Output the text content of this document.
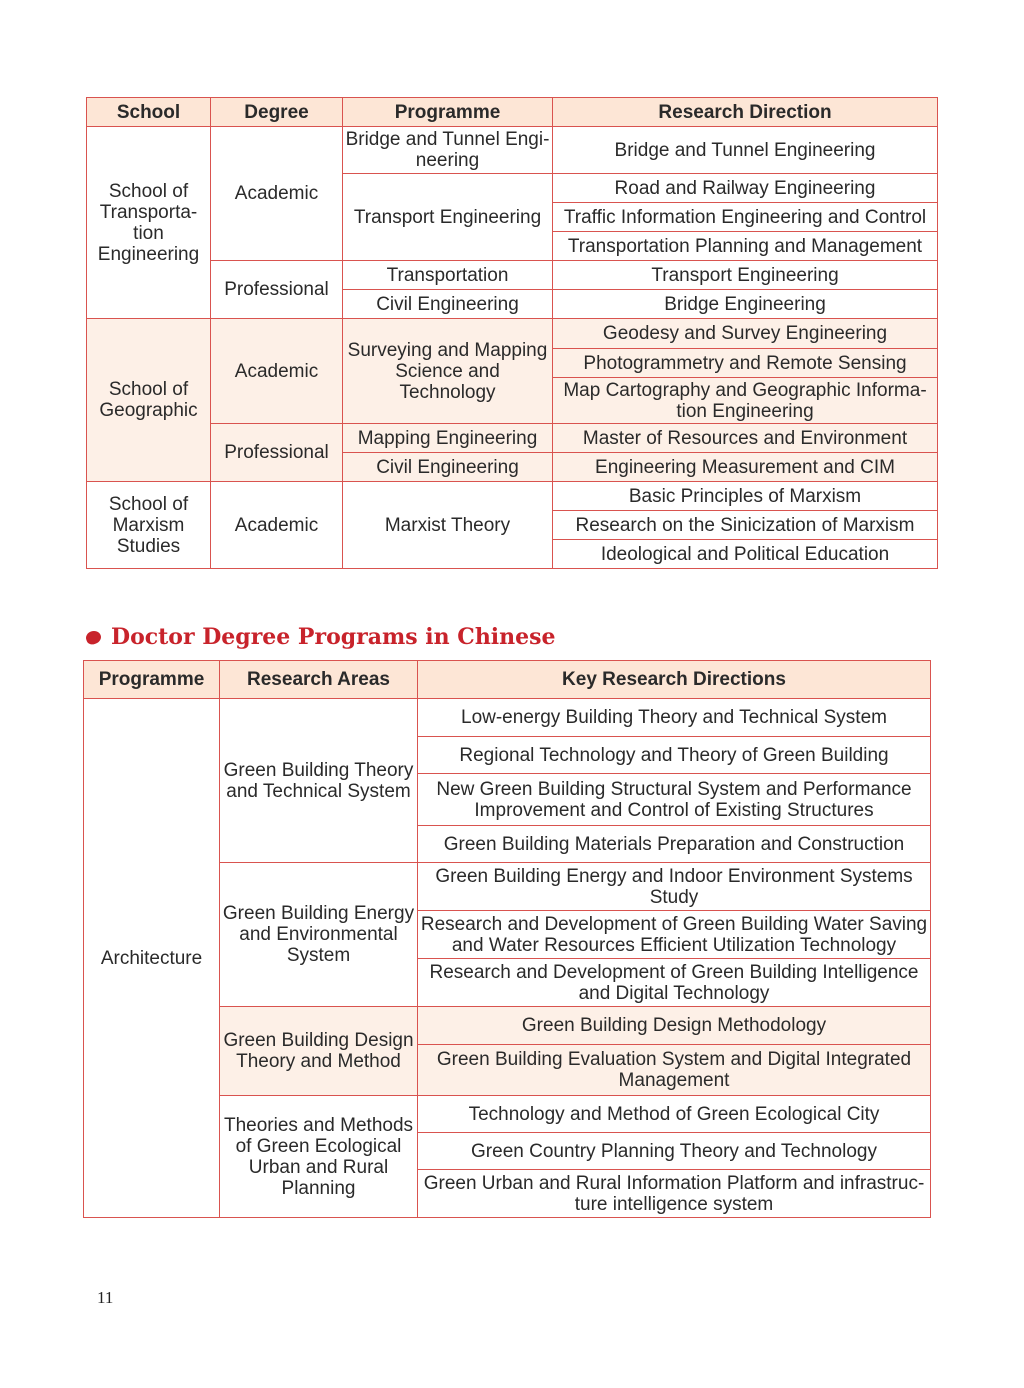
School	Degree	Programme	Research Direction
School of Transporta-tion Engineering	Academic	Bridge and Tunnel Engi-neering	Bridge and Tunnel Engineering
		Transport Engineering	Road and Railway Engineering
			Traffic Information Engineering and Control
			Transportation Planning and Management
	Professional	Transportation	Transport Engineering
		Civil Engineering	Bridge Engineering
School of Geographic	Academic	Surveying and Mapping Science and Technology	Geodesy and Survey Engineering
			Photogrammetry and Remote Sensing
			Map Cartography and Geographic Informa-tion Engineering
	Professional	Mapping Engineering	Master of Resources and Environment
		Civil Engineering	Engineering Measurement and CIM
School of Marxism Studies	Academic	Marxist Theory	Basic Principles of Marxism
			Research on the Sinicization of Marxism
			Ideological and Political Education
Doctor Degree Programs in Chinese
Programme	Research Areas	Key Research Directions
Architecture	Green Building Theory and Technical System	Low-energy Building Theory and Technical System
		Regional Technology and Theory of Green Building
		New Green Building Structural System and Performance Improvement and Control of Existing Structures
		Green Building Materials Preparation and Construction
	Green Building Energy and Environmental System	Green Building Energy and Indoor Environment Systems Study
		Research and Development of Green Building Water Saving and Water Resources Efficient Utilization Technology
		Research and Development of Green Building Intelligence and Digital Technology
	Green Building Design Theory and Method	Green Building Design Methodology
		Green Building Evaluation System and Digital Integrated Management
	Theories and Methods of Green Ecological Urban and Rural Planning	Technology and Method of Green Ecological City
		Green Country Planning Theory and Technology
		Green Urban and Rural Information Platform and infrastruc-ture intelligence system
11
